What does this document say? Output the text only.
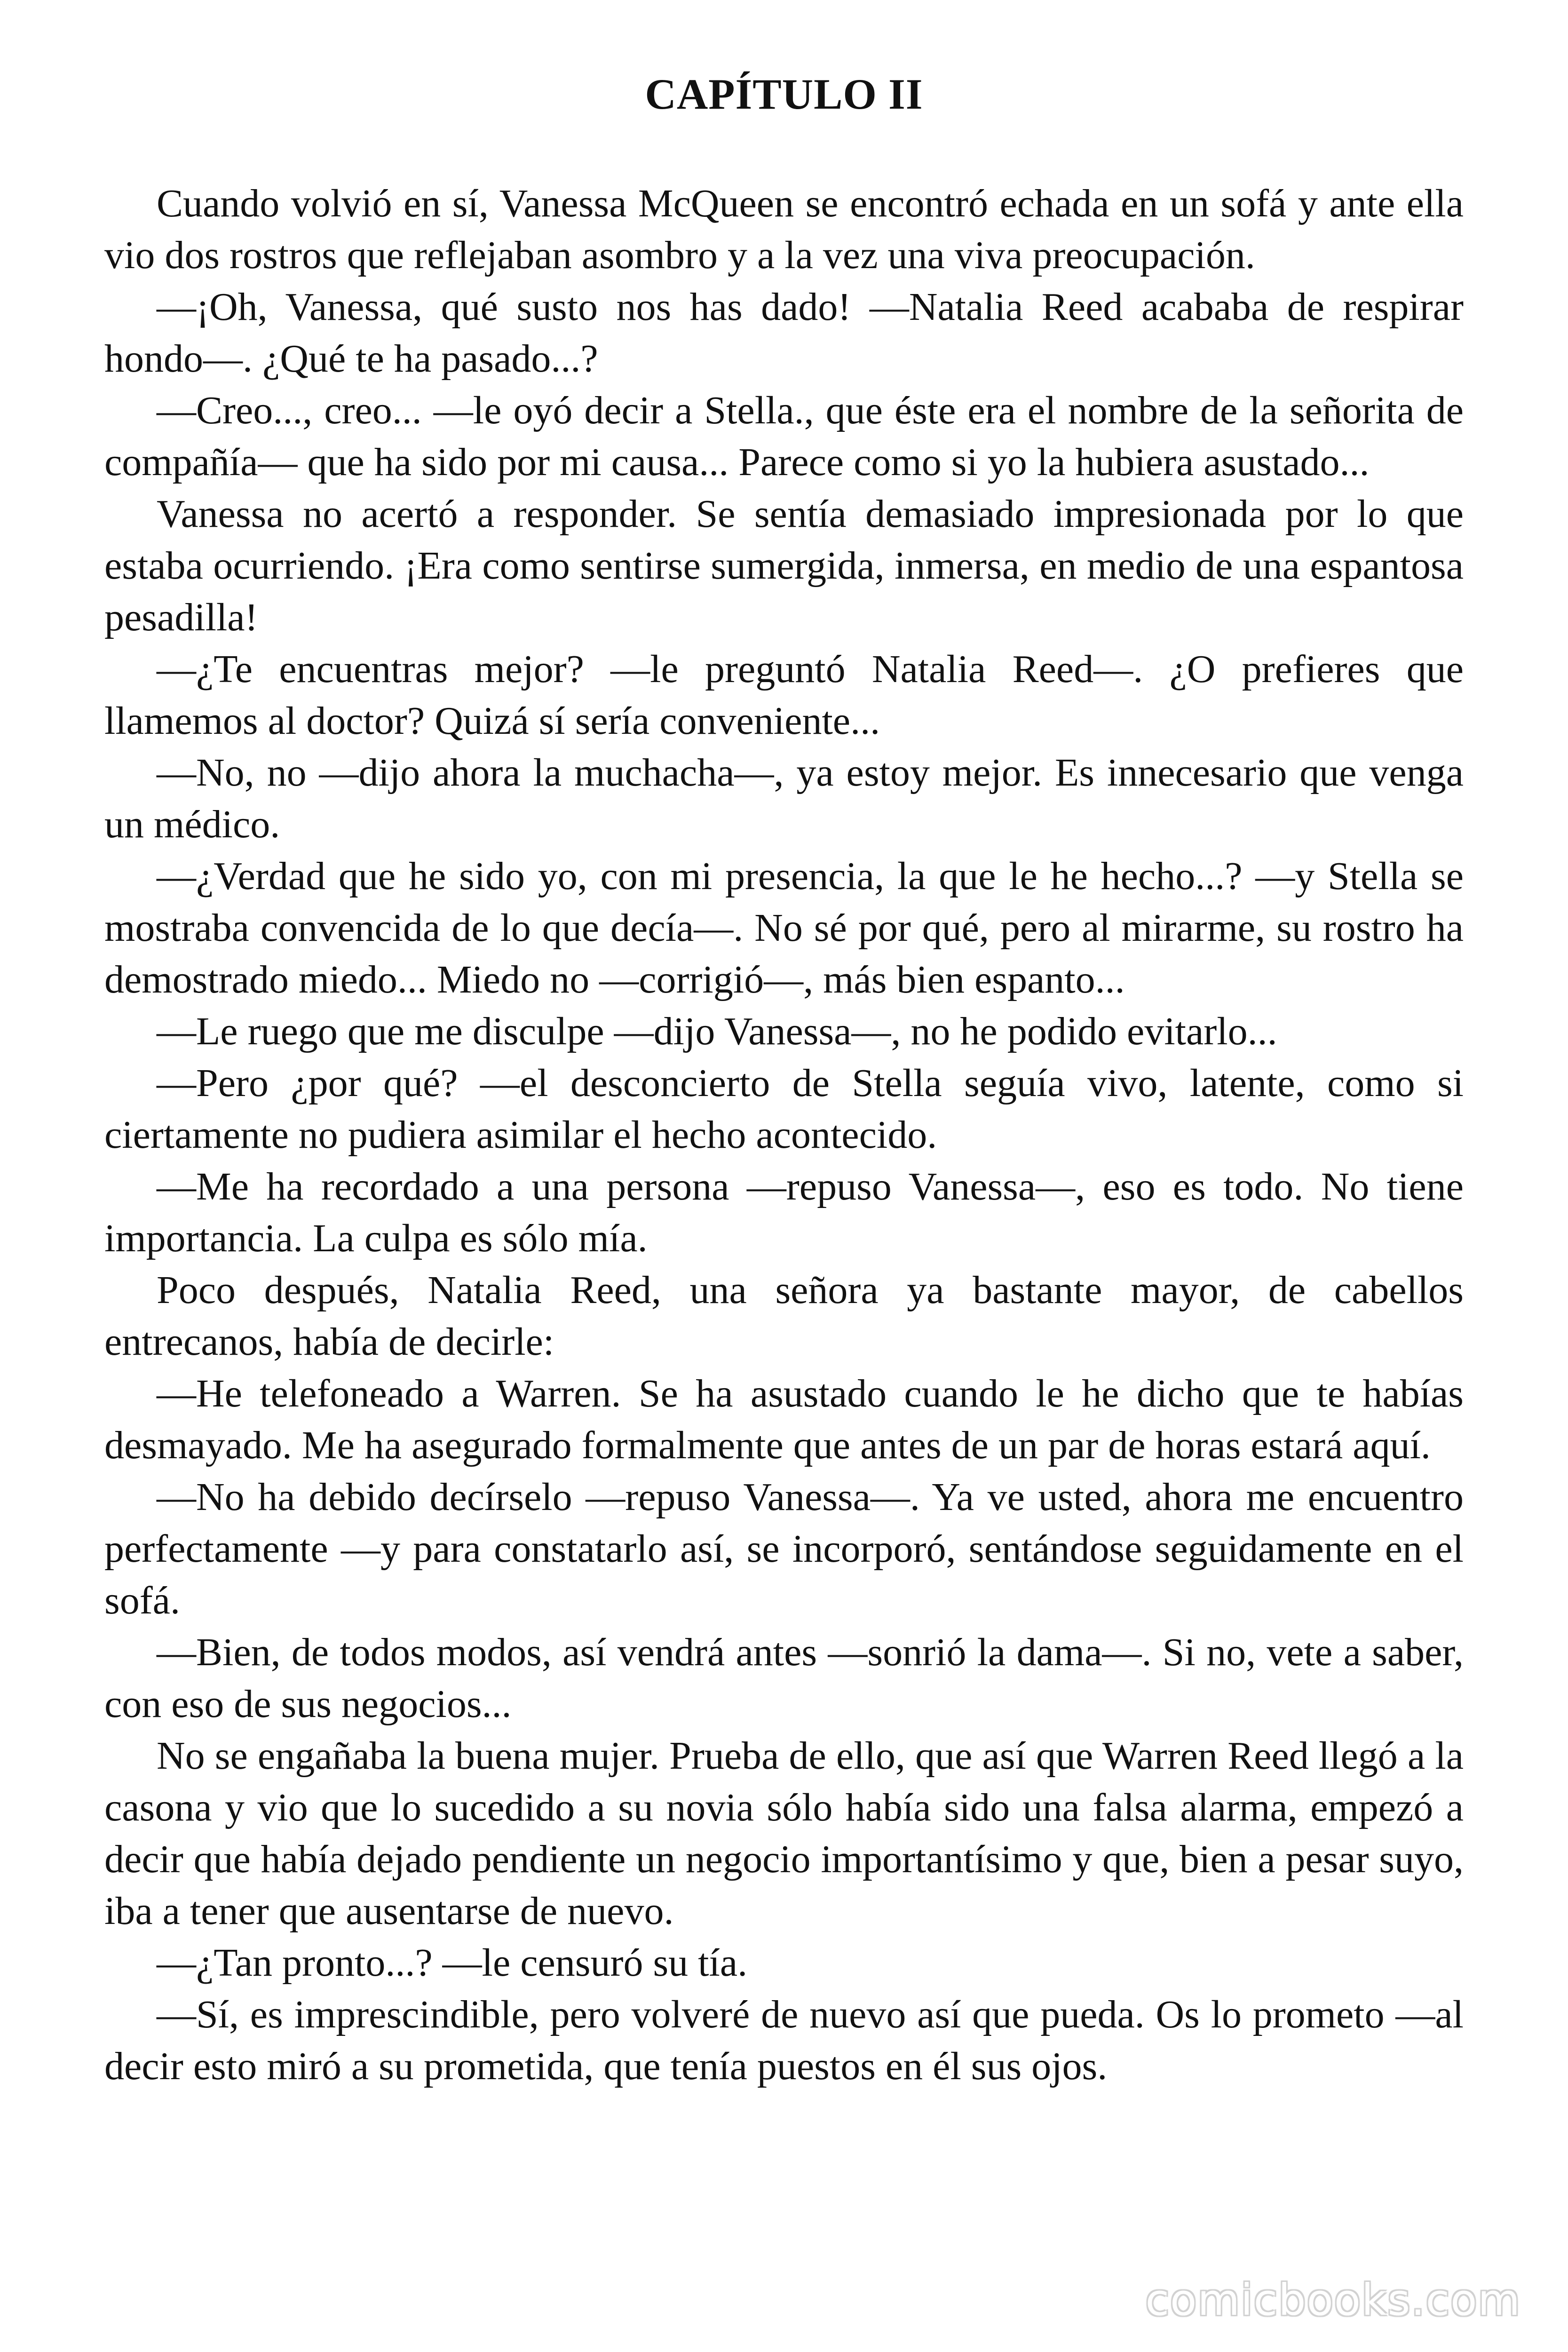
CAPÍTULO II

Cuando volvió en sí, Vanessa McQueen se encontró echada en un sofá y ante ella vio dos rostros que reflejaban asombro y a la vez una viva preocupación.

—¡Oh, Vanessa, qué susto nos has dado! —Natalia Reed acababa de respirar hondo—. ¿Qué te ha pasado...?

—Creo..., creo... —le oyó decir a Stella., que éste era el nombre de la señorita de compañía— que ha sido por mi causa... Parece como si yo la hubiera asustado...

Vanessa no acertó a responder. Se sentía demasiado impresionada por lo que estaba ocurriendo. ¡Era como sentirse sumergida, inmersa, en medio de una espantosa pesadilla!

—¿Te encuentras mejor? —le preguntó Natalia Reed—. ¿O prefieres que llamemos al doctor? Quizá sí sería conveniente...

—No, no —dijo ahora la muchacha—, ya estoy mejor. Es innecesario que venga un médico.

—¿Verdad que he sido yo, con mi presencia, la que le he hecho...? —y Stella se mostraba convencida de lo que decía—. No sé por qué, pero al mirarme, su rostro ha demostrado miedo... Miedo no —corrigió—, más bien espanto...

—Le ruego que me disculpe —dijo Vanessa—, no he podido evitarlo...

—Pero ¿por qué? —el desconcierto de Stella seguía vivo, latente, como si ciertamente no pudiera asimilar el hecho acontecido.

—Me ha recordado a una persona —repuso Vanessa—, eso es todo. No tiene importancia. La culpa es sólo mía.

Poco después, Natalia Reed, una señora ya bastante mayor, de cabellos entrecanos, había de decirle:

—He telefoneado a Warren. Se ha asustado cuando le he dicho que te habías desmayado. Me ha asegurado formalmente que antes de un par de horas estará aquí.

—No ha debido decírselo —repuso Vanessa—. Ya ve usted, ahora me encuentro perfectamente —y para constatarlo así, se incorporó, sentándose seguidamente en el sofá.

—Bien, de todos modos, así vendrá antes —sonrió la dama—. Si no, vete a saber, con eso de sus negocios...

No se engañaba la buena mujer. Prueba de ello, que así que Warren Reed llegó a la casona y vio que lo sucedido a su novia sólo había sido una falsa alarma, empezó a decir que había dejado pendiente un negocio importantísimo y que, bien a pesar suyo, iba a tener que ausentarse de nuevo.

—¿Tan pronto...? —le censuró su tía.

—Sí, es imprescindible, pero volveré de nuevo así que pueda. Os lo prometo —al decir esto miró a su prometida, que tenía puestos en él sus ojos.

comicbooks.com
